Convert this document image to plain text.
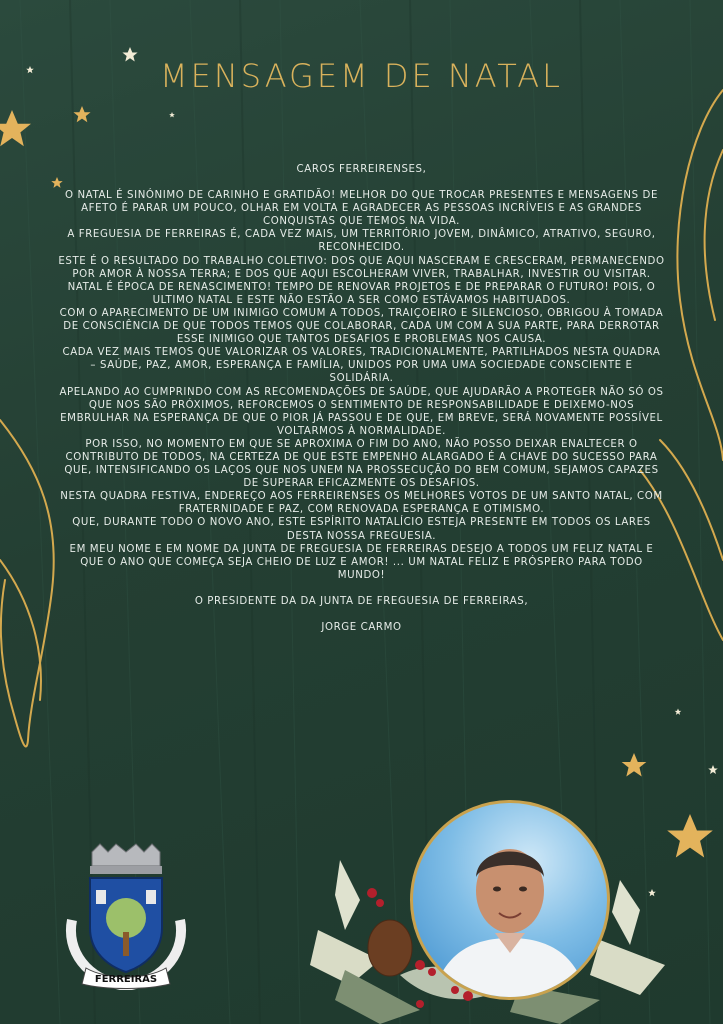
MENSAGEM DE NATAL

CAROS FERREIRENSES,

O NATAL É SINÓNIMO DE CARINHO E GRATIDÃO! MELHOR DO QUE TROCAR PRESENTES E MENSAGENS DE AFETO É PARAR UM POUCO, OLHAR EM VOLTA E AGRADECER AS PESSOAS INCRÍVEIS E AS GRANDES CONQUISTAS QUE TEMOS NA VIDA.

A FREGUESIA DE FERREIRAS É, CADA VEZ MAIS, UM TERRITÓRIO JOVEM, DINÂMICO, ATRATIVO, SEGURO, RECONHECIDO.

ESTE É O RESULTADO DO TRABALHO COLETIVO: DOS QUE AQUI NASCERAM E CRESCERAM, PERMANECENDO POR AMOR À NOSSA TERRA; E DOS QUE AQUI ESCOLHERAM VIVER, TRABALHAR, INVESTIR OU VISITAR.

NATAL É ÉPOCA DE RENASCIMENTO! TEMPO DE RENOVAR PROJETOS E DE PREPARAR O FUTURO! POIS, O ULTIMO NATAL E ESTE NÃO ESTÃO A SER COMO ESTÁVAMOS HABITUADOS.

COM O APARECIMENTO DE UM INIMIGO COMUM A TODOS, TRAIÇOEIRO E SILENCIOSO, OBRIGOU À TOMADA DE CONSCIÊNCIA DE QUE TODOS TEMOS QUE COLABORAR, CADA UM COM A SUA PARTE, PARA DERROTAR ESSE INIMIGO QUE TANTOS DESAFIOS E PROBLEMAS NOS CAUSA.

CADA VEZ MAIS TEMOS QUE VALORIZAR OS VALORES, TRADICIONALMENTE, PARTILHADOS NESTA QUADRA – SAÚDE, PAZ, AMOR, ESPERANÇA E FAMÍLIA, UNIDOS POR UMA UMA SOCIEDADE CONSCIENTE E SOLIDÁRIA.

APELANDO AO CUMPRINDO COM AS RECOMENDAÇÕES DE SAÚDE, QUE AJUDARÃO A PROTEGER NÃO SÓ OS QUE NOS SÃO PRÓXIMOS, REFORCEMOS O SENTIMENTO DE RESPONSABILIDADE E DEIXEMO-NOS EMBRULHAR NA ESPERANÇA DE QUE O PIOR JÁ PASSOU E DE QUE, EM BREVE, SERÁ NOVAMENTE POSSÍVEL VOLTARMOS À NORMALIDADE.

POR ISSO, NO MOMENTO EM QUE SE APROXIMA O FIM DO ANO, NÃO POSSO DEIXAR ENALTECER O CONTRIBUTO DE TODOS, NA CERTEZA DE QUE ESTE EMPENHO ALARGADO É A CHAVE DO SUCESSO PARA QUE, INTENSIFICANDO OS LAÇOS QUE NOS UNEM NA PROSSECUÇÃO DO BEM COMUM, SEJAMOS CAPAZES DE SUPERAR EFICAZMENTE OS DESAFIOS.

NESTA QUADRA FESTIVA, ENDEREÇO AOS FERREIRENSES OS MELHORES VOTOS DE UM SANTO NATAL, COM FRATERNIDADE E PAZ, COM RENOVADA ESPERANÇA E OTIMISMO.

QUE, DURANTE TODO O NOVO ANO, ESTE ESPÍRITO NATALÍCIO ESTEJA PRESENTE EM TODOS OS LARES DESTA NOSSA FREGUESIA.

EM MEU NOME E EM NOME DA JUNTA DE FREGUESIA DE FERREIRAS DESEJO A TODOS UM FELIZ NATAL E QUE O ANO QUE COMEÇA SEJA CHEIO DE LUZ E AMOR! ... UM NATAL FELIZ E PRÓSPERO PARA TODO MUNDO!

O PRESIDENTE DA DA JUNTA DE FREGUESIA DE FERREIRAS,

JORGE CARMO

FERREIRAS
